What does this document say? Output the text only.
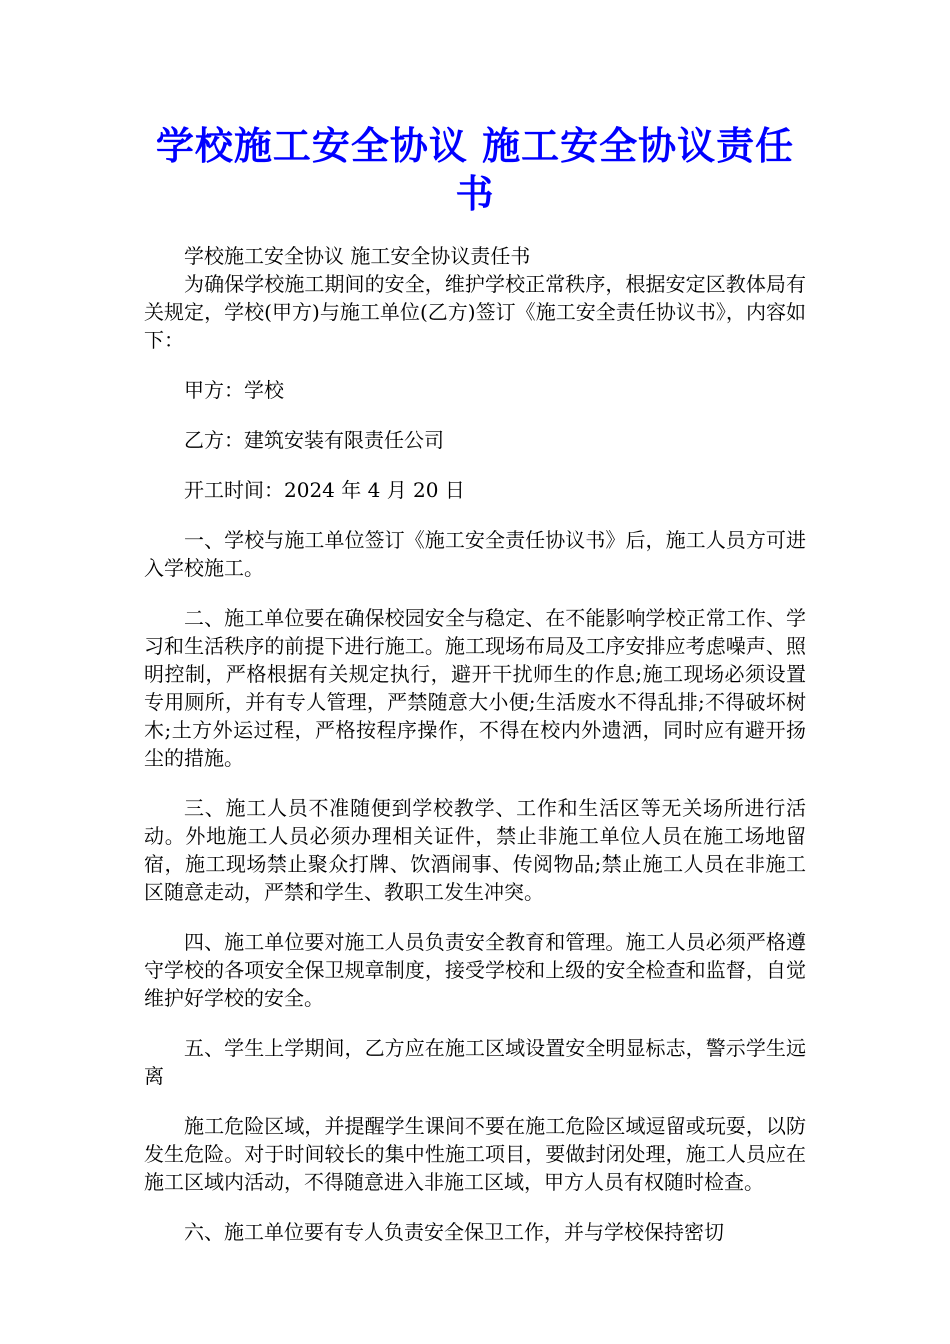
学校施工安全协议 施工安全协议责任书

学校施工安全协议 施工安全协议责任书

为确保学校施工期间的安全，维护学校正常秩序，根据安定区教体局有关规定，学校(甲方)与施工单位(乙方)签订《施工安全责任协议书》，内容如下：

甲方：学校

乙方：建筑安装有限责任公司

开工时间：2024 年 4 月 20 日

一、学校与施工单位签订《施工安全责任协议书》后，施工人员方可进入学校施工。

二、施工单位要在确保校园安全与稳定、在不能影响学校正常工作、学习和生活秩序的前提下进行施工。施工现场布局及工序安排应考虑噪声、照明控制，严格根据有关规定执行，避开干扰师生的作息;施工现场必须设置专用厕所，并有专人管理，严禁随意大小便;生活废水不得乱排;不得破坏树木;土方外运过程，严格按程序操作，不得在校内外遗洒，同时应有避开扬尘的措施。

三、施工人员不准随便到学校教学、工作和生活区等无关场所进行活动。外地施工人员必须办理相关证件，禁止非施工单位人员在施工场地留宿，施工现场禁止聚众打牌、饮酒闹事、传阅物品;禁止施工人员在非施工区随意走动，严禁和学生、教职工发生冲突。

四、施工单位要对施工人员负责安全教育和管理。施工人员必须严格遵守学校的各项安全保卫规章制度，接受学校和上级的安全检查和监督，自觉维护好学校的安全。

五、学生上学期间，乙方应在施工区域设置安全明显标志，警示学生远离

施工危险区域，并提醒学生课间不要在施工危险区域逗留或玩耍，以防发生危险。对于时间较长的集中性施工项目，要做封闭处理，施工人员应在施工区域内活动，不得随意进入非施工区域，甲方人员有权随时检查。

六、施工单位要有专人负责安全保卫工作，并与学校保持密切
